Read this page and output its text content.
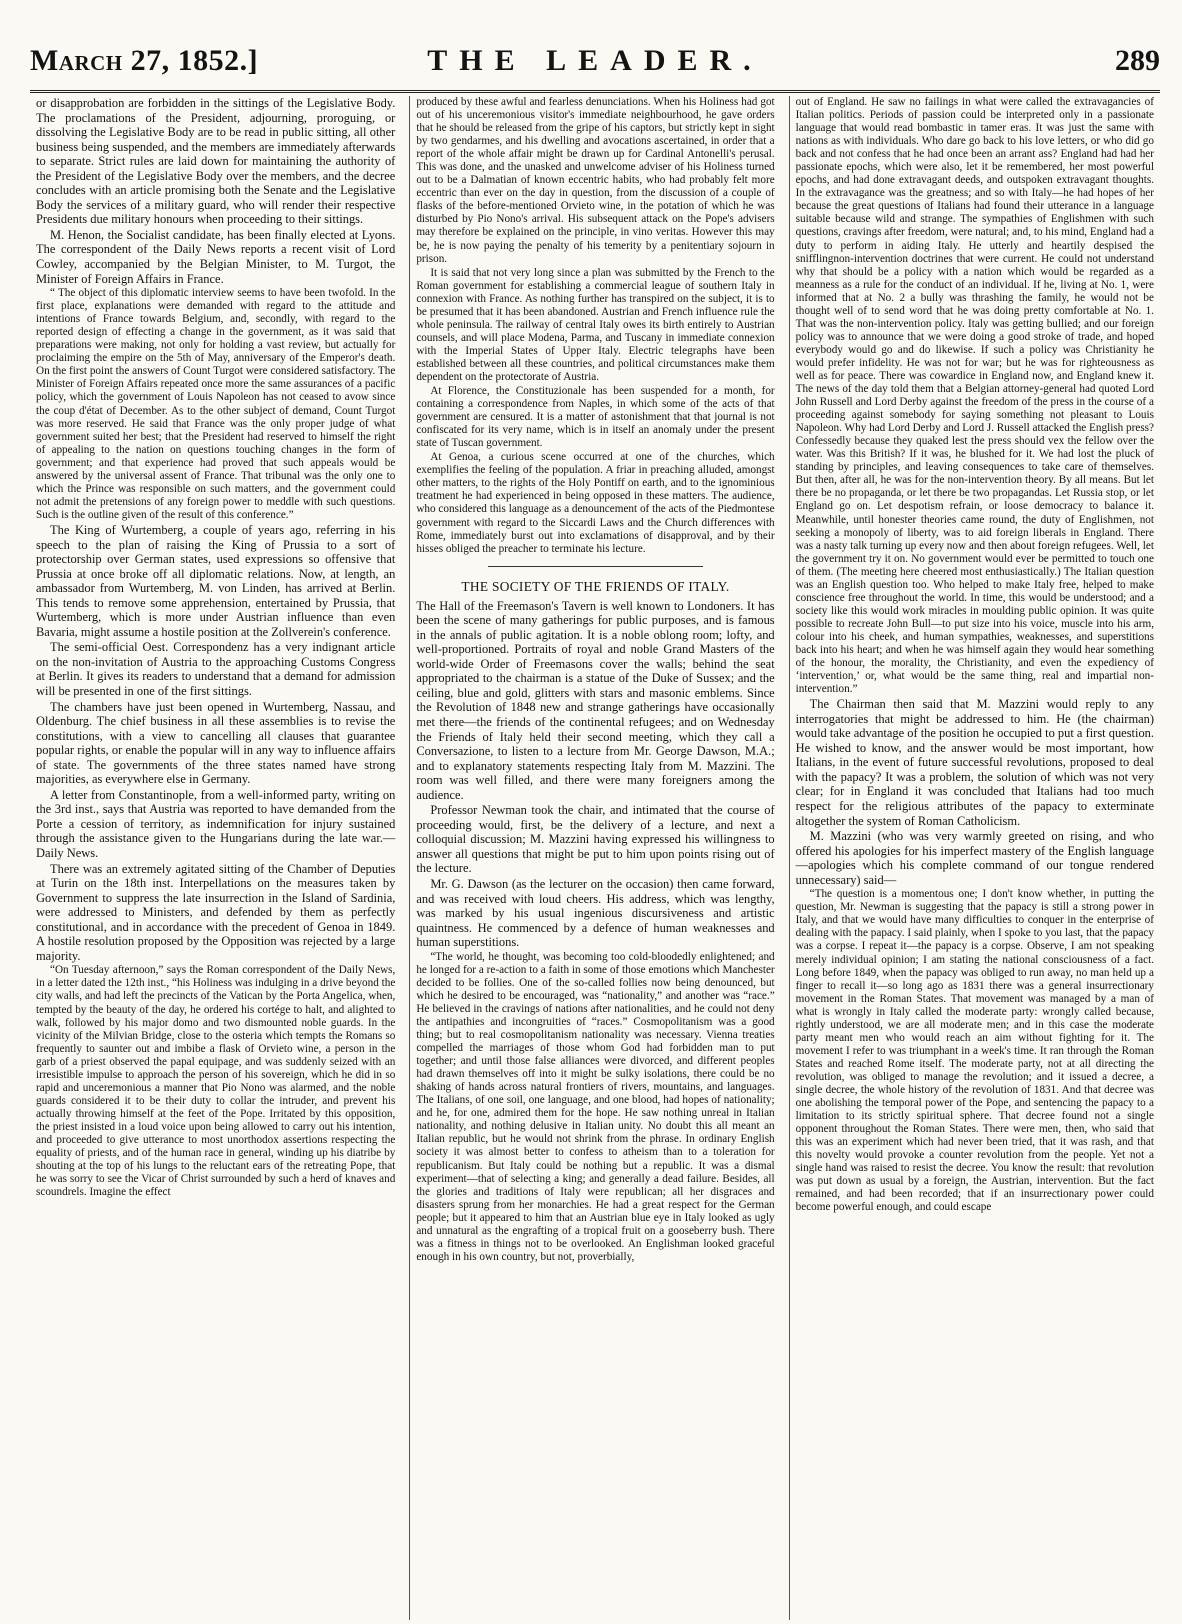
March 27, 1852.]	THE LEADER.	289

or disapprobation are forbidden in the sittings of the Legislative Body. The proclamations of the President, adjourning, proroguing, or dissolving the Legislative Body are to be read in public sitting, all other business being suspended, and the members are immediately afterwards to separate. Strict rules are laid down for maintaining the authority of the President of the Legislative Body over the members, and the decree concludes with an article promising both the Senate and the Legislative Body the services of a military guard, who will render their respective Presidents due military honours when proceeding to their sittings.

M. Henon, the Socialist candidate, has been finally elected at Lyons. The correspondent of the Daily News reports a recent visit of Lord Cowley, accompanied by the Belgian Minister, to M. Turgot, the Minister of Foreign Affairs in France.

“ The object of this diplomatic interview seems to have been twofold. In the first place, explanations were demanded with regard to the attitude and intentions of France towards Belgium, and, secondly, with regard to the reported design of effecting a change in the government, as it was said that preparations were making, not only for holding a vast review, but actually for proclaiming the empire on the 5th of May, anniversary of the Emperor's death. On the first point the answers of Count Turgot were considered satisfactory. The Minister of Foreign Affairs repeated once more the same assurances of a pacific policy, which the government of Louis Napoleon has not ceased to avow since the coup d'état of December. As to the other subject of demand, Count Turgot was more reserved. He said that France was the only proper judge of what government suited her best; that the President had reserved to himself the right of appealing to the nation on questions touching changes in the form of government; and that experience had proved that such appeals would be answered by the universal assent of France. That tribunal was the only one to which the Prince was responsible on such matters, and the government could not admit the pretensions of any foreign power to meddle with such questions. Such is the outline given of the result of this conference.”

The King of Wurtemberg, a couple of years ago, referring in his speech to the plan of raising the King of Prussia to a sort of protectorship over German states, used expressions so offensive that Prussia at once broke off all diplomatic relations. Now, at length, an ambassador from Wurtemberg, M. von Linden, has arrived at Berlin. This tends to remove some apprehension, entertained by Prussia, that Wurtemberg, which is more under Austrian influence than even Bavaria, might assume a hostile position at the Zollverein's conference.

The semi-official Oest. Correspondenz has a very indignant article on the non-invitation of Austria to the approaching Customs Congress at Berlin. It gives its readers to understand that a demand for admission will be presented in one of the first sittings.

The chambers have just been opened in Wurtemberg, Nassau, and Oldenburg. The chief business in all these assemblies is to revise the constitutions, with a view to cancelling all clauses that guarantee popular rights, or enable the popular will in any way to influence affairs of state. The governments of the three states named have strong majorities, as everywhere else in Germany.

A letter from Constantinople, from a well-informed party, writing on the 3rd inst., says that Austria was reported to have demanded from the Porte a cession of territory, as indemnification for injury sustained through the assistance given to the Hungarians during the late war.—Daily News.

There was an extremely agitated sitting of the Chamber of Deputies at Turin on the 18th inst. Interpellations on the measures taken by Government to suppress the late insurrection in the Island of Sardinia, were addressed to Ministers, and defended by them as perfectly constitutional, and in accordance with the precedent of Genoa in 1849. A hostile resolution proposed by the Opposition was rejected by a large majority.

“On Tuesday afternoon,” says the Roman correspondent of the Daily News, in a letter dated the 12th inst., “his Holiness was indulging in a drive beyond the city walls, and had left the precincts of the Vatican by the Porta Angelica, when, tempted by the beauty of the day, he ordered his cortége to halt, and alighted to walk, followed by his major domo and two dismounted noble guards. In the vicinity of the Milvian Bridge, close to the osteria which tempts the Romans so frequently to saunter out and imbibe a flask of Orvieto wine, a person in the garb of a priest observed the papal equipage, and was suddenly seized with an irresistible impulse to approach the person of his sovereign, which he did in so rapid and unceremonious a manner that Pio Nono was alarmed, and the noble guards considered it to be their duty to collar the intruder, and prevent his actually throwing himself at the feet of the Pope. Irritated by this opposition, the priest insisted in a loud voice upon being allowed to carry out his intention, and proceeded to give utterance to most unorthodox assertions respecting the equality of priests, and of the human race in general, winding up his diatribe by shouting at the top of his lungs to the reluctant ears of the retreating Pope, that he was sorry to see the Vicar of Christ surrounded by such a herd of knaves and scoundrels. Imagine the effect

produced by these awful and fearless denunciations. When his Holiness had got out of his unceremonious visitor's immediate neighbourhood, he gave orders that he should be released from the gripe of his captors, but strictly kept in sight by two gendarmes, and his dwelling and avocations ascertained, in order that a report of the whole affair might be drawn up for Cardinal Antonelli's perusal. This was done, and the unasked and unwelcome adviser of his Holiness turned out to be a Dalmatian of known eccentric habits, who had probably felt more eccentric than ever on the day in question, from the discussion of a couple of flasks of the before-mentioned Orvieto wine, in the potation of which he was disturbed by Pio Nono's arrival. His subsequent attack on the Pope's advisers may therefore be explained on the principle, in vino veritas. However this may be, he is now paying the penalty of his temerity by a penitentiary sojourn in prison.

It is said that not very long since a plan was submitted by the French to the Roman government for establishing a commercial league of southern Italy in connexion with France. As nothing further has transpired on the subject, it is to be presumed that it has been abandoned. Austrian and French influence rule the whole peninsula. The railway of central Italy owes its birth entirely to Austrian counsels, and will place Modena, Parma, and Tuscany in immediate connexion with the Imperial States of Upper Italy. Electric telegraphs have been established between all these countries, and political circumstances make them dependent on the protectorate of Austria.

At Florence, the Constituzionale has been suspended for a month, for containing a correspondence from Naples, in which some of the acts of that government are censured. It is a matter of astonishment that that journal is not confiscated for its very name, which is in itself an anomaly under the present state of Tuscan government.

At Genoa, a curious scene occurred at one of the churches, which exemplifies the feeling of the population. A friar in preaching alluded, amongst other matters, to the rights of the Holy Pontiff on earth, and to the ignominious treatment he had experienced in being opposed in these matters. The audience, who considered this language as a denouncement of the acts of the Piedmontese government with regard to the Siccardi Laws and the Church differences with Rome, immediately burst out into exclamations of disapproval, and by their hisses obliged the preacher to terminate his lecture.

THE SOCIETY OF THE FRIENDS OF ITALY.

The Hall of the Freemason's Tavern is well known to Londoners. It has been the scene of many gatherings for public purposes, and is famous in the annals of public agitation. It is a noble oblong room; lofty, and well-proportioned. Portraits of royal and noble Grand Masters of the world-wide Order of Freemasons cover the walls; behind the seat appropriated to the chairman is a statue of the Duke of Sussex; and the ceiling, blue and gold, glitters with stars and masonic emblems. Since the Revolution of 1848 new and strange gatherings have occasionally met there—the friends of the continental refugees; and on Wednesday the Friends of Italy held their second meeting, which they call a Conversazione, to listen to a lecture from Mr. George Dawson, M.A.; and to explanatory statements respecting Italy from M. Mazzini. The room was well filled, and there were many foreigners among the audience.

Professor Newman took the chair, and intimated that the course of proceeding would, first, be the delivery of a lecture, and next a colloquial discussion; M. Mazzini having expressed his willingness to answer all questions that might be put to him upon points rising out of the lecture.

Mr. G. Dawson (as the lecturer on the occasion) then came forward, and was received with loud cheers. His address, which was lengthy, was marked by his usual ingenious discursiveness and artistic quaintness. He commenced by a defence of human weaknesses and human superstitions.

“The world, he thought, was becoming too cold-bloodedly enlightened; and he longed for a re-action to a faith in some of those emotions which Manchester decided to be follies. One of the so-called follies now being denounced, but which he desired to be encouraged, was “nationality,” and another was “race.” He believed in the cravings of nations after nationalities, and he could not deny the antipathies and incongruities of “races.” Cosmopolitanism was a good thing; but to real cosmopolitanism nationality was necessary. Vienna treaties compelled the marriages of those whom God had forbidden man to put together; and until those false alliances were divorced, and different peoples had drawn themselves off into it might be sulky isolations, there could be no shaking of hands across natural frontiers of rivers, mountains, and languages. The Italians, of one soil, one language, and one blood, had hopes of nationality; and he, for one, admired them for the hope. He saw nothing unreal in Italian nationality, and nothing delusive in Italian unity. No doubt this all meant an Italian republic, but he would not shrink from the phrase. In ordinary English society it was almost better to confess to atheism than to a toleration for republicanism. But Italy could be nothing but a republic. It was a dismal experiment—that of selecting a king; and generally a dead failure. Besides, all the glories and traditions of Italy were republican; all her disgraces and disasters sprung from her monarchies. He had a great respect for the German people; but it appeared to him that an Austrian blue eye in Italy looked as ugly and unnatural as the engrafting of a tropical fruit on a gooseberry bush. There was a fitness in things not to be overlooked. An Englishman looked graceful enough in his own country, but not, proverbially,

out of England. He saw no failings in what were called the extravagancies of Italian politics. Periods of passion could be interpreted only in a passionate language that would read bombastic in tamer eras. It was just the same with nations as with individuals. Who dare go back to his love letters, or who did go back and not confess that he had once been an arrant ass? England had had her passionate epochs, which were also, let it be remembered, her most powerful epochs, and had done extravagant deeds, and outspoken extravagant thoughts. In the extravagance was the greatness; and so with Italy—he had hopes of her because the great questions of Italians had found their utterance in a language suitable because wild and strange. The sympathies of Englishmen with such questions, cravings after freedom, were natural; and, to his mind, England had a duty to perform in aiding Italy. He utterly and heartily despised the snifflingnon-intervention doctrines that were current. He could not understand why that should be a policy with a nation which would be regarded as a meanness as a rule for the conduct of an individual. If he, living at No. 1, were informed that at No. 2 a bully was thrashing the family, he would not be thought well of to send word that he was doing pretty comfortable at No. 1. That was the non-intervention policy. Italy was getting bullied; and our foreign policy was to announce that we were doing a good stroke of trade, and hoped everybody would go and do likewise. If such a policy was Christianity he would prefer infidelity. He was not for war; but he was for righteousness as well as for peace. There was cowardice in England now, and England knew it. The news of the day told them that a Belgian attorney-general had quoted Lord John Russell and Lord Derby against the freedom of the press in the course of a proceeding against somebody for saying something not pleasant to Louis Napoleon. Why had Lord Derby and Lord J. Russell attacked the English press? Confessedly because they quaked lest the press should vex the fellow over the water. Was this British? If it was, he blushed for it. We had lost the pluck of standing by principles, and leaving consequences to take care of themselves. But then, after all, he was for the non-intervention theory. By all means. But let there be no propaganda, or let there be two propagandas. Let Russia stop, or let England go on. Let despotism refrain, or loose democracy to balance it. Meanwhile, until honester theories came round, the duty of Englishmen, not seeking a monopoly of liberty, was to aid foreign liberals in England. There was a nasty talk turning up every now and then about foreign refugees. Well, let the government try it on. No government would ever be permitted to touch one of them. (The meeting here cheered most enthusiastically.) The Italian question was an English question too. Who helped to make Italy free, helped to make conscience free throughout the world. In time, this would be understood; and a society like this would work miracles in moulding public opinion. It was quite possible to recreate John Bull—to put size into his voice, muscle into his arm, colour into his cheek, and human sympathies, weaknesses, and superstitions back into his heart; and when he was himself again they would hear something of the honour, the morality, the Christianity, and even the expediency of ‘intervention,’ or, what would be the same thing, real and impartial non-intervention.”

The Chairman then said that M. Mazzini would reply to any interrogatories that might be addressed to him. He (the chairman) would take advantage of the position he occupied to put a first question. He wished to know, and the answer would be most important, how Italians, in the event of future successful revolutions, proposed to deal with the papacy? It was a problem, the solution of which was not very clear; for in England it was concluded that Italians had too much respect for the religious attributes of the papacy to exterminate altogether the system of Roman Catholicism.

M. Mazzini (who was very warmly greeted on rising, and who offered his apologies for his imperfect mastery of the English language—apologies which his complete command of our tongue rendered unnecessary) said—

“The question is a momentous one; I don't know whether, in putting the question, Mr. Newman is suggesting that the papacy is still a strong power in Italy, and that we would have many difficulties to conquer in the enterprise of dealing with the papacy. I said plainly, when I spoke to you last, that the papacy was a corpse. I repeat it—the papacy is a corpse. Observe, I am not speaking merely individual opinion; I am stating the national consciousness of a fact. Long before 1849, when the papacy was obliged to run away, no man held up a finger to recall it—so long ago as 1831 there was a general insurrectionary movement in the Roman States. That movement was managed by a man of what is wrongly in Italy called the moderate party: wrongly called because, rightly understood, we are all moderate men; and in this case the moderate party meant men who would reach an aim without fighting for it. The movement I refer to was triumphant in a week's time. It ran through the Roman States and reached Rome itself. The moderate party, not at all directing the revolution, was obliged to manage the revolution; and it issued a decree, a single decree, the whole history of the revolution of 1831. And that decree was one abolishing the temporal power of the Pope, and sentencing the papacy to a limitation to its strictly spiritual sphere. That decree found not a single opponent throughout the Roman States. There were men, then, who said that this was an experiment which had never been tried, that it was rash, and that this novelty would provoke a counter revolution from the people. Yet not a single hand was raised to resist the decree. You know the result: that revolution was put down as usual by a foreign, the Austrian, intervention. But the fact remained, and had been recorded; that if an insurrectionary power could become powerful enough, and could escape
